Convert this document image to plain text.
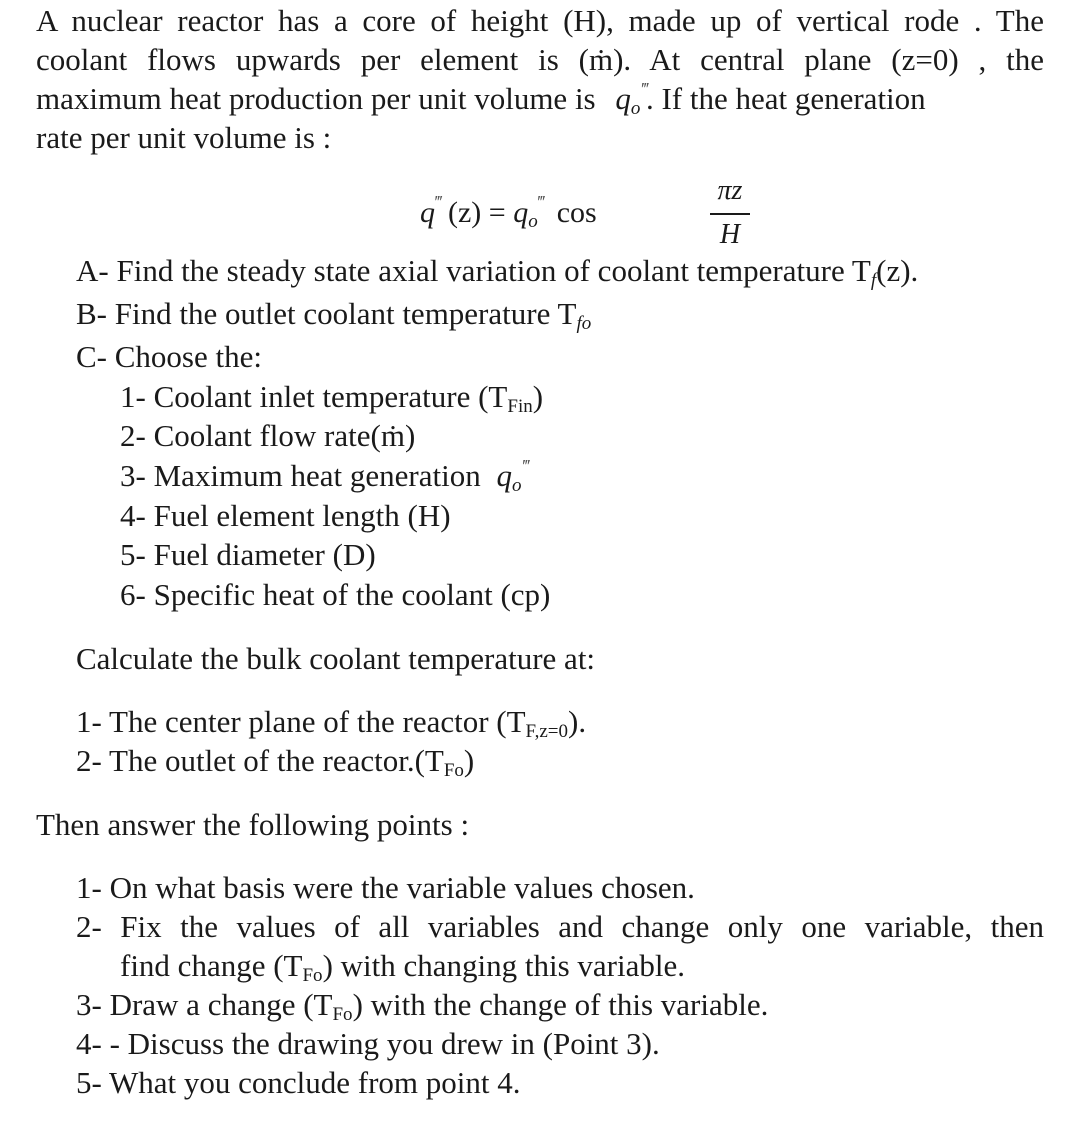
A nuclear reactor has a core of height (H), made up of vertical rode . The
coolant flows upwards per element is (ṁ). At central plane (z=0) , the
maximum heat production per unit volume is $q_o^‴$. If the heat generation
rate per unit volume is :
q‴ $(z) = q_o^‴$ cos
πz
H
A- Find the steady state axial variation of coolant temperature $T_f(z)$.
B- Find the outlet coolant temperature $T_{fo}$
C- Choose the:
1- Coolant inlet temperature $(T_{Fin})$
2- Coolant flow rate(ṁ)
3- Maximum heat generation $q_o^‴$
4- Fuel element length (H)
5- Fuel diameter (D)
6- Specific heat of the coolant (cp)
Calculate the bulk coolant temperature at:
1- The center plane of the reactor $(T_{F,z=0})$.
2- The outlet of the $reactor.(T_{Fo})$
Then answer the following points :
1- On what basis were the variable values chosen.
2- Fix the values of all variables and change only one variable, then
find change $(T_{Fo})$ with changing this variable.
3- Draw a change $(T_{Fo})$ with the change of this variable.
4- - Discuss the drawing you drew in (Point 3).
5- What you conclude from point 4.
